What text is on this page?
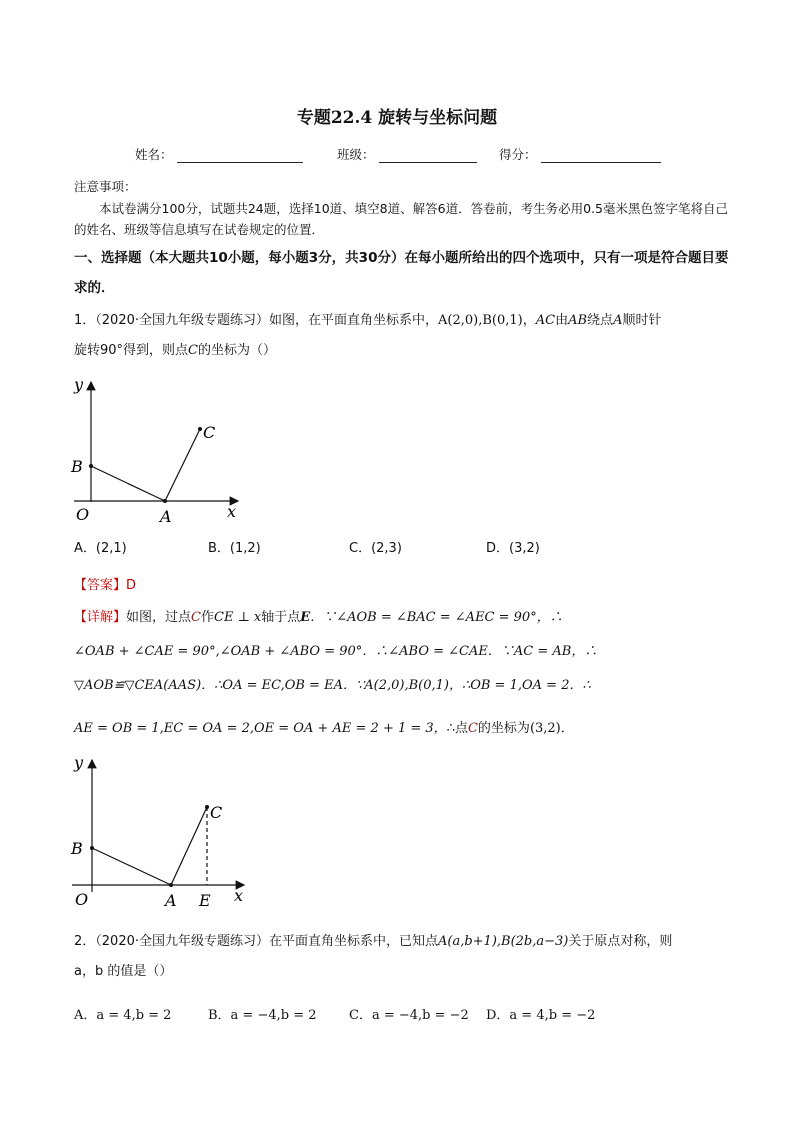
专题22.4 旋转与坐标问题
姓名：	班级：	得分：
注意事项：
本试卷满分100分，试题共24题，选择10道、填空8道、解答6道．答卷前，考生务必用0.5毫米黑色签字笔将自己的姓名、班级等信息填写在试卷规定的位置．
一、选择题（本大题共10小题，每小题3分，共30分）在每小题所给出的四个选项中，只有一项是符合题目要求的．
1．（2020·全国九年级专题练习）如图，在平面直角坐标系中，A(2,0),B(0,1)，AC由AB绕点A顺时针
旋转90°得到，则点C的坐标为（）
y
x
O	A
B
C
A．(2,1)	B．(1,2)	C．(2,3)	D．(3,2)
【答案】D
【详解】如图，过点C作CE ⊥ x轴于点E．∵∠AOB = ∠BAC = ∠AEC = 90°，∴
∠OAB + ∠CAE = 90°,∠OAB + ∠ABO = 90°．∴∠ABO = ∠CAE．∵AC = AB，∴
▽AOB≌▽CEA(AAS)．∴OA = EC,OB = EA．∵A(2,0),B(0,1)，∴OB = 1,OA = 2．∴
AE = OB = 1,EC = OA = 2,OE = OA + AE = 2 + 1 = 3，∴点C的坐标为(3,2)．
y
x
O	A
B
C
E
2．（2020·全国九年级专题练习）在平面直角坐标系中，已知点A(a,b+1),B(2b,a−3)关于原点对称，则
a，b 的值是（）
A．a = 4,b = 2	B．a = −4,b = 2 C．a = −4,b = −2 D．a = 4,b = −2
